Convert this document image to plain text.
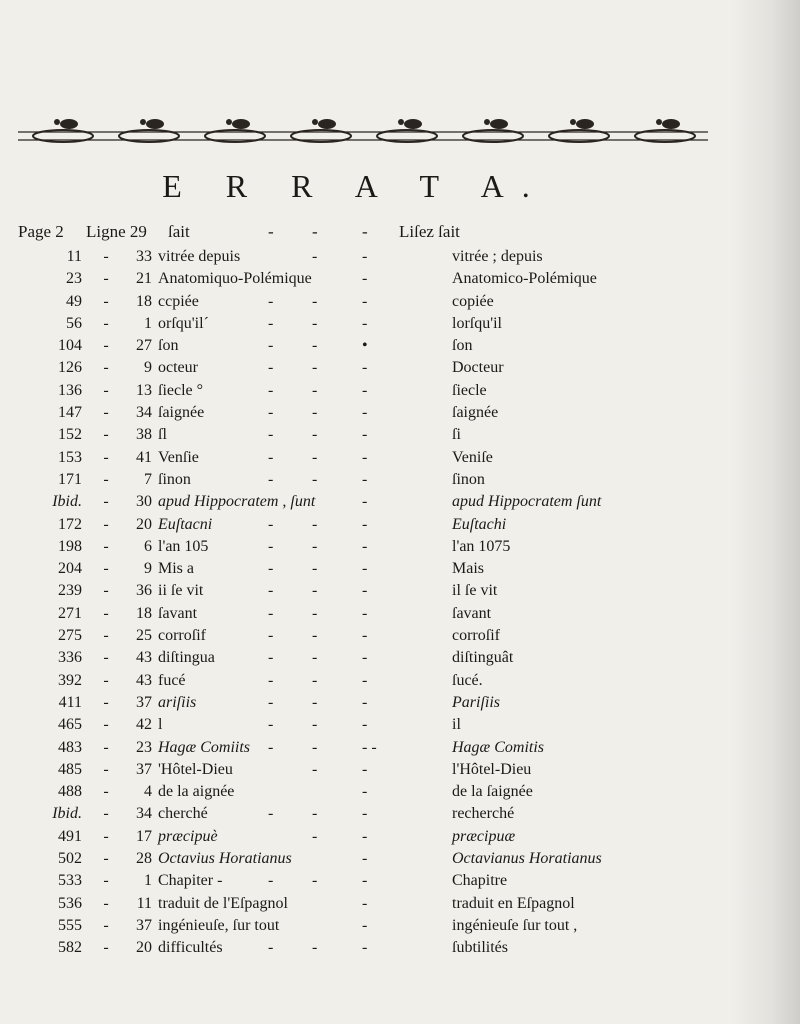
E R R A T A.
Page 2 Ligne 29 ſait	- -	- Liſez ſait
11 -	33 vitrée depuis	-	-	vitrée ; depuis
23 -	21 Anatomiquo-Polémique	-	Anatomico-Polémique
49 -	18 ccpiée	- -	-	copiée
56 -	1 orſqu'il´	- -	-	lorſqu'il
104 -	27 ſon	- -	•	ſon
126 -	9 octeur	- -	-	Docteur
136 -	13 ſiecle °	- -	-	ſiecle
147 -	34 ſaignée	- -	-	ſaignée
152 -	38 ſl	- -	-	ſi
153 -	41 Venſie	- -	-	Veniſe
171 -	7 ſinon	- -	-	ſinon
Ibid. -	30 apud Hippocratem , ſunt	-	apud Hippocratem ſunt
172 -	20 Euſtacni	- -	-	Euſtachi
198 -	6 l'an 105	- -	-	l'an 1075
204 -	9 Mis a	- -	-	Mais
239 -	36 ii ſe vit	- -	-	il ſe vit
271 -	18 ſavant	- -	-	ſavant
275 -	25 corroſif	- -	-	corroſif
336 -	43 diſtingua	- -	-	diſtinguât
392 -	43 fucé	- -	-	ſucé.
411 -	37 ariſiis	- -	-	Pariſiis
465 -	42 l	- -	-	il
483 -	23 Hagæ Comiits - -	- -	Hagæ Comitis
485 -	37 'Hôtel-Dieu	-	-	l'Hôtel-Dieu
488 -	4 de la aignée	-	de la ſaignée
Ibid. -	34 cherché	- -	-	recherché
491 -	17 præcipuè	-	-	præcipuæ
502 -	28 Octavius Horatianus	-	Octavianus Horatianus
533 -	1 Chapiter -	- -	-	Chapitre
536 -	11 traduit de l'Eſpagnol	-	traduit en Eſpagnol
555 -	37 ingénieuſe, ſur tout	-	ingénieuſe ſur tout ,
582 -	20 difficultés	- -	-	ſubtilités
